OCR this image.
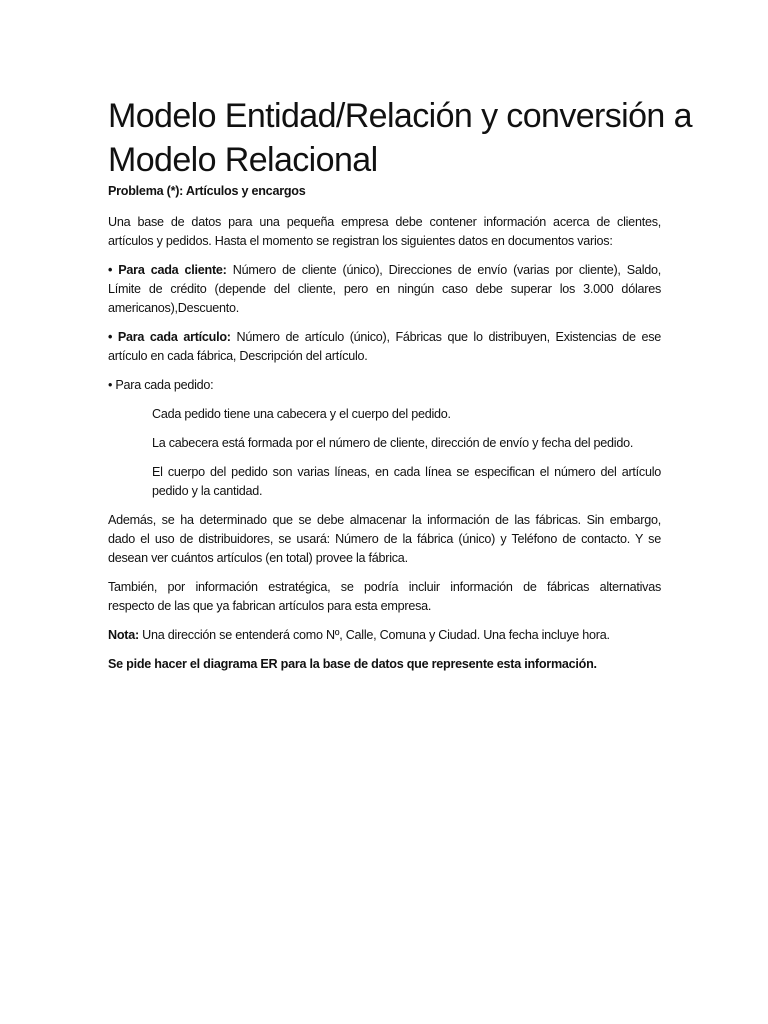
Modelo Entidad/Relación y conversión a
Modelo Relacional
Problema (*): Artículos y encargos
Una base de datos para una pequeña empresa debe contener información acerca de clientes,
artículos y pedidos. Hasta el momento se registran los siguientes datos en documentos varios:
• Para cada cliente: Número de cliente (único), Direcciones de envío (varias por cliente), Saldo,
Límite de crédito (depende del cliente, pero en ningún caso debe superar los 3.000 dólares
americanos),Descuento.
• Para cada artículo: Número de artículo (único), Fábricas que lo distribuyen, Existencias de ese
artículo en cada fábrica, Descripción del artículo.
• Para cada pedido:
Cada pedido tiene una cabecera y el cuerpo del pedido.
La cabecera está formada por el número de cliente, dirección de envío y fecha del pedido.
El cuerpo del pedido son varias líneas, en cada línea se especifican el número del artículo
pedido y la cantidad.
Además, se ha determinado que se debe almacenar la información de las fábricas. Sin embargo,
dado el uso de distribuidores, se usará: Número de la fábrica (único) y Teléfono de contacto. Y se
desean ver cuántos artículos (en total) provee la fábrica.
También, por información estratégica, se podría incluir información de fábricas alternativas
respecto de las que ya fabrican artículos para esta empresa.
Nota: Una dirección se entenderá como Nº, Calle, Comuna y Ciudad. Una fecha incluye hora.
Se pide hacer el diagrama ER para la base de datos que represente esta información.
